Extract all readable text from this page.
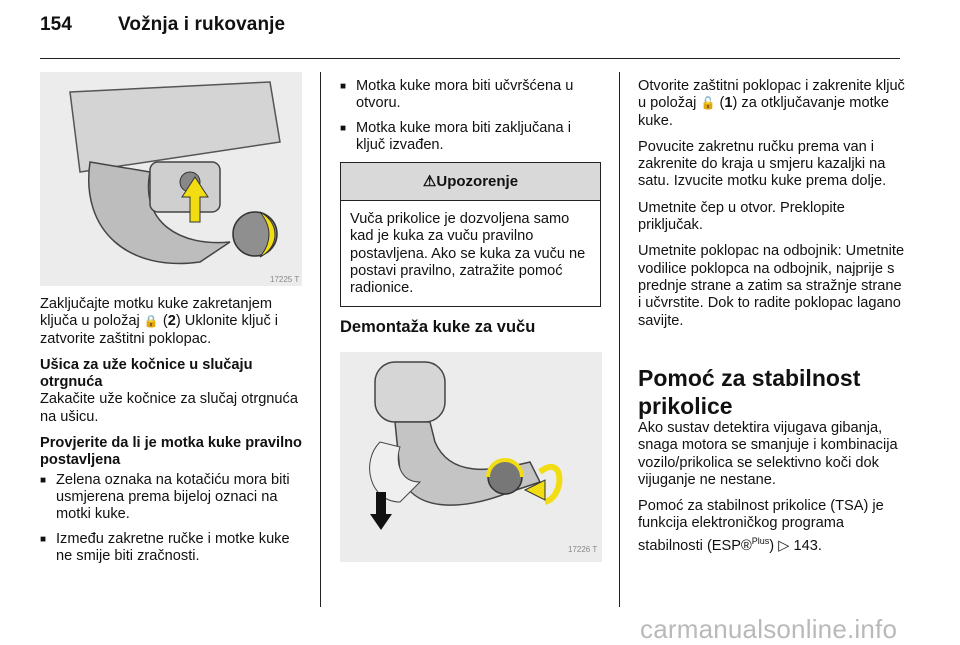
154 Vožnja i rukovanje
17225 T

Zaključajte motku kuke zakretanjem ključa u položaj 🔒 (2) Uklonite ključ i zatvorite zaštitni poklopac.

Ušica za uže kočnice u slučaju otrgnuća

Zakačite uže kočnice za slučaj otrgnuća na ušicu.

Provjerite da li je motka kuke pravilno postavljena

■ Zelena oznaka na kotačiću mora biti usmjerena prema bijeloj oznaci na motki kuke.
■ Između zakretne ručke i motke kuke ne smije biti zračnosti.
■ Motka kuke mora biti učvršćena u otvoru.
■ Motka kuke mora biti zaključana i ključ izvađen.
⚠Upozorenje
Vuča prikolice je dozvoljena samo kad je kuka za vuču pravilno postavljena. Ako se kuka za vuču ne postavi pravilno, zatražite pomoć radionice.
Demontaža kuke za vuču
17226 T

Otvorite zaštitni poklopac i zakrenite ključ u položaj 🔓 (1) za otključavanje motke kuke.

Povucite zakretnu ručku prema van i zakrenite do kraja u smjeru kazaljki na satu. Izvucite motku kuke prema dolje.

Umetnite čep u otvor. Preklopite priključak.

Umetnite poklopac na odbojnik: Umetnite vodilice poklopca na odbojnik, najprije s prednje strane a zatim sa stražnje strane i učvrstite. Dok to radite poklopac lagano savijte.

Pomoć za stabilnost prikolice

Ako sustav detektira vijugava gibanja, snaga motora se smanjuje i kombinacija vozilo/prikolica se selektivno koči dok vijuganje ne nestane.

Pomoć za stabilnost prikolice (TSA) je funkcija elektroničkog programa stabilnosti (ESP®$^{Plus}$) ▷ 143.

carmanualsonline.info
